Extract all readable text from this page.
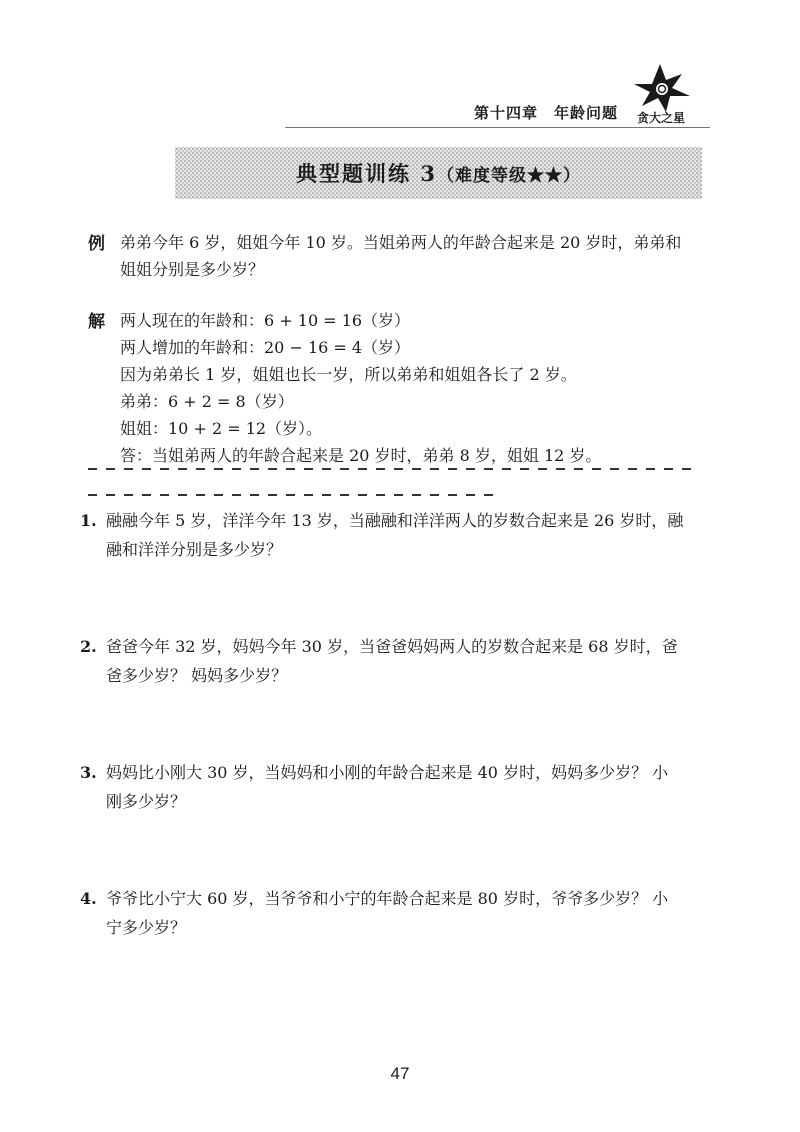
第十四章　年龄问题 贪大之星
典型题训练 3（难度等级★★）
例 弟弟今年 6 岁，姐姐今年 10 岁。当姐弟两人的年龄合起来是 20 岁时，弟弟和
姐姐分别是多少岁？
解 两人现在的年龄和：6 + 10 = 16（岁）
两人增加的年龄和：20 − 16 = 4（岁）
因为弟弟长 1 岁，姐姐也长一岁，所以弟弟和姐姐各长了 2 岁。
弟弟：6 + 2 = 8（岁）
姐姐：10 + 2 = 12（岁）。
答：当姐弟两人的年龄合起来是 20 岁时，弟弟 8 岁，姐姐 12 岁。
1. 融融今年 5 岁，洋洋今年 13 岁，当融融和洋洋两人的岁数合起来是 26 岁时，融
融和洋洋分别是多少岁？
2. 爸爸今年 32 岁，妈妈今年 30 岁，当爸爸妈妈两人的岁数合起来是 68 岁时，爸
爸多少岁？ 妈妈多少岁？
3. 妈妈比小刚大 30 岁，当妈妈和小刚的年龄合起来是 40 岁时，妈妈多少岁？ 小
刚多少岁？
4. 爷爷比小宁大 60 岁，当爷爷和小宁的年龄合起来是 80 岁时，爷爷多少岁？ 小
宁多少岁？
47
